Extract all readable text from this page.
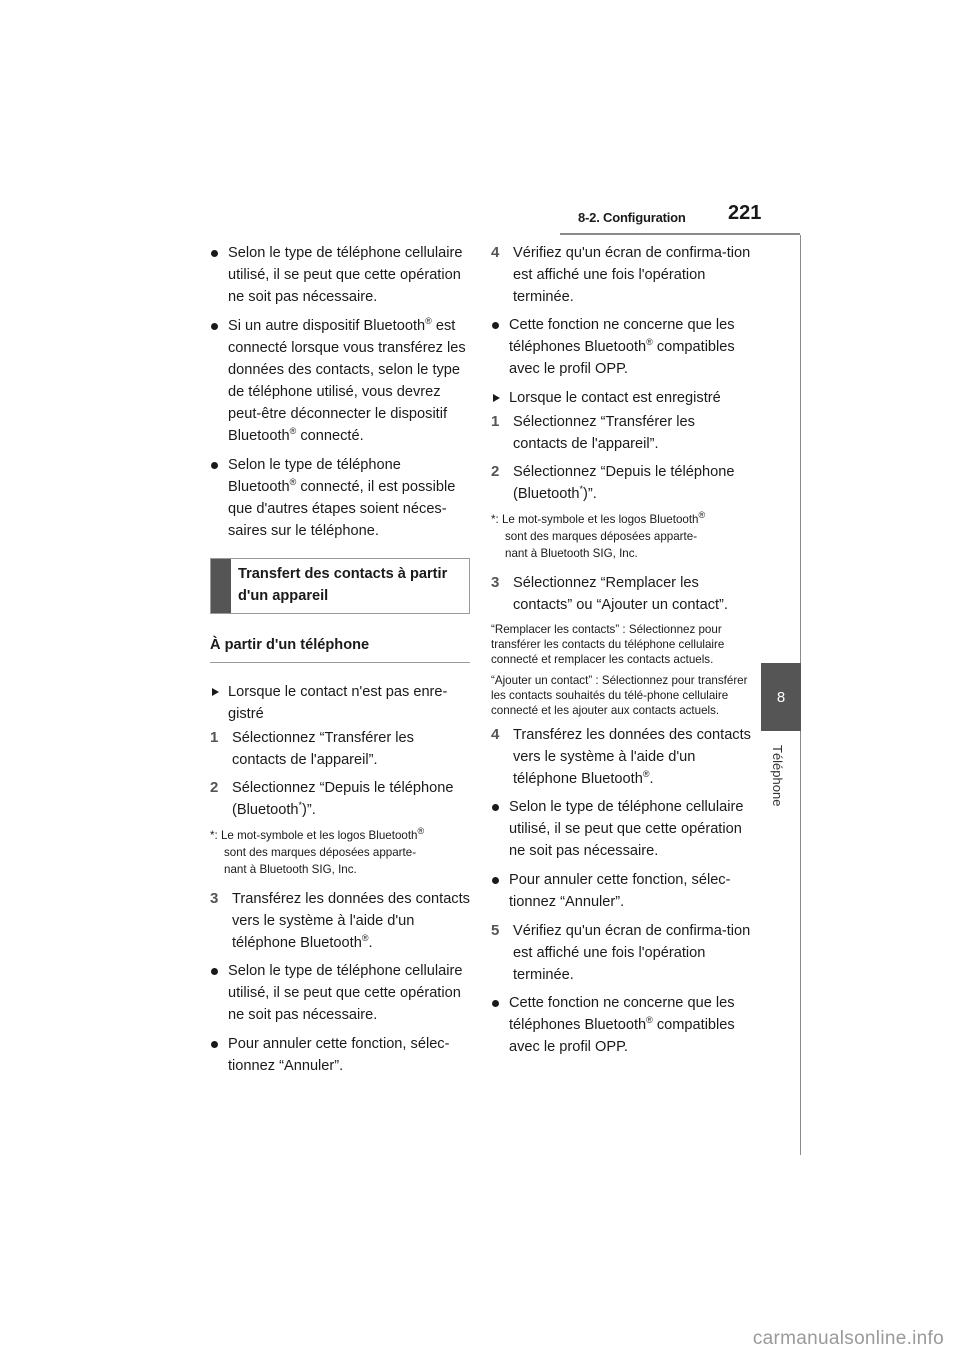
8-2. Configuration 221
8
Téléphone
Selon le type de téléphone cellulaire utilisé, il se peut que cette opération ne soit pas nécessaire.
Si un autre dispositif Bluetooth® est connecté lorsque vous transférez les données des contacts, selon le type de téléphone utilisé, vous devrez peut-être déconnecter le dispositif Bluetooth® connecté.
Selon le type de téléphone Bluetooth® connecté, il est possible que d'autres étapes soient néces-saires sur le téléphone.
Transfert des contacts à partir d'un appareil
À partir d'un téléphone
Lorsque le contact n'est pas enre-gistré
1 Sélectionnez “Transférer les contacts de l'appareil”.
2 Sélectionnez “Depuis le téléphone (Bluetooth*)”.
*: Le mot-symbole et les logos Bluetooth®
sont des marques déposées apparte-
nant à Bluetooth SIG, Inc.
3 Transférez les données des contacts vers le système à l'aide d'un téléphone Bluetooth®.
Selon le type de téléphone cellulaire utilisé, il se peut que cette opération ne soit pas nécessaire.
Pour annuler cette fonction, sélec-tionnez “Annuler”.
4 Vérifiez qu'un écran de confirma-tion est affiché une fois l'opération terminée.
Cette fonction ne concerne que les téléphones Bluetooth® compatibles avec le profil OPP.
Lorsque le contact est enregistré
1 Sélectionnez “Transférer les contacts de l'appareil”.
2 Sélectionnez “Depuis le téléphone (Bluetooth*)”.
*: Le mot-symbole et les logos Bluetooth®
sont des marques déposées apparte-
nant à Bluetooth SIG, Inc.
3 Sélectionnez “Remplacer les contacts” ou “Ajouter un contact”.
“Remplacer les contacts” : Sélectionnez pour transférer les contacts du téléphone cellulaire connecté et remplacer les contacts actuels.
“Ajouter un contact” : Sélectionnez pour transférer les contacts souhaités du télé-phone cellulaire connecté et les ajouter aux contacts actuels.
4 Transférez les données des contacts vers le système à l'aide d'un téléphone Bluetooth®.
Selon le type de téléphone cellulaire utilisé, il se peut que cette opération ne soit pas nécessaire.
Pour annuler cette fonction, sélec-tionnez “Annuler”.
5 Vérifiez qu'un écran de confirma-tion est affiché une fois l'opération terminée.
Cette fonction ne concerne que les téléphones Bluetooth® compatibles avec le profil OPP.
carmanualsonline.info
